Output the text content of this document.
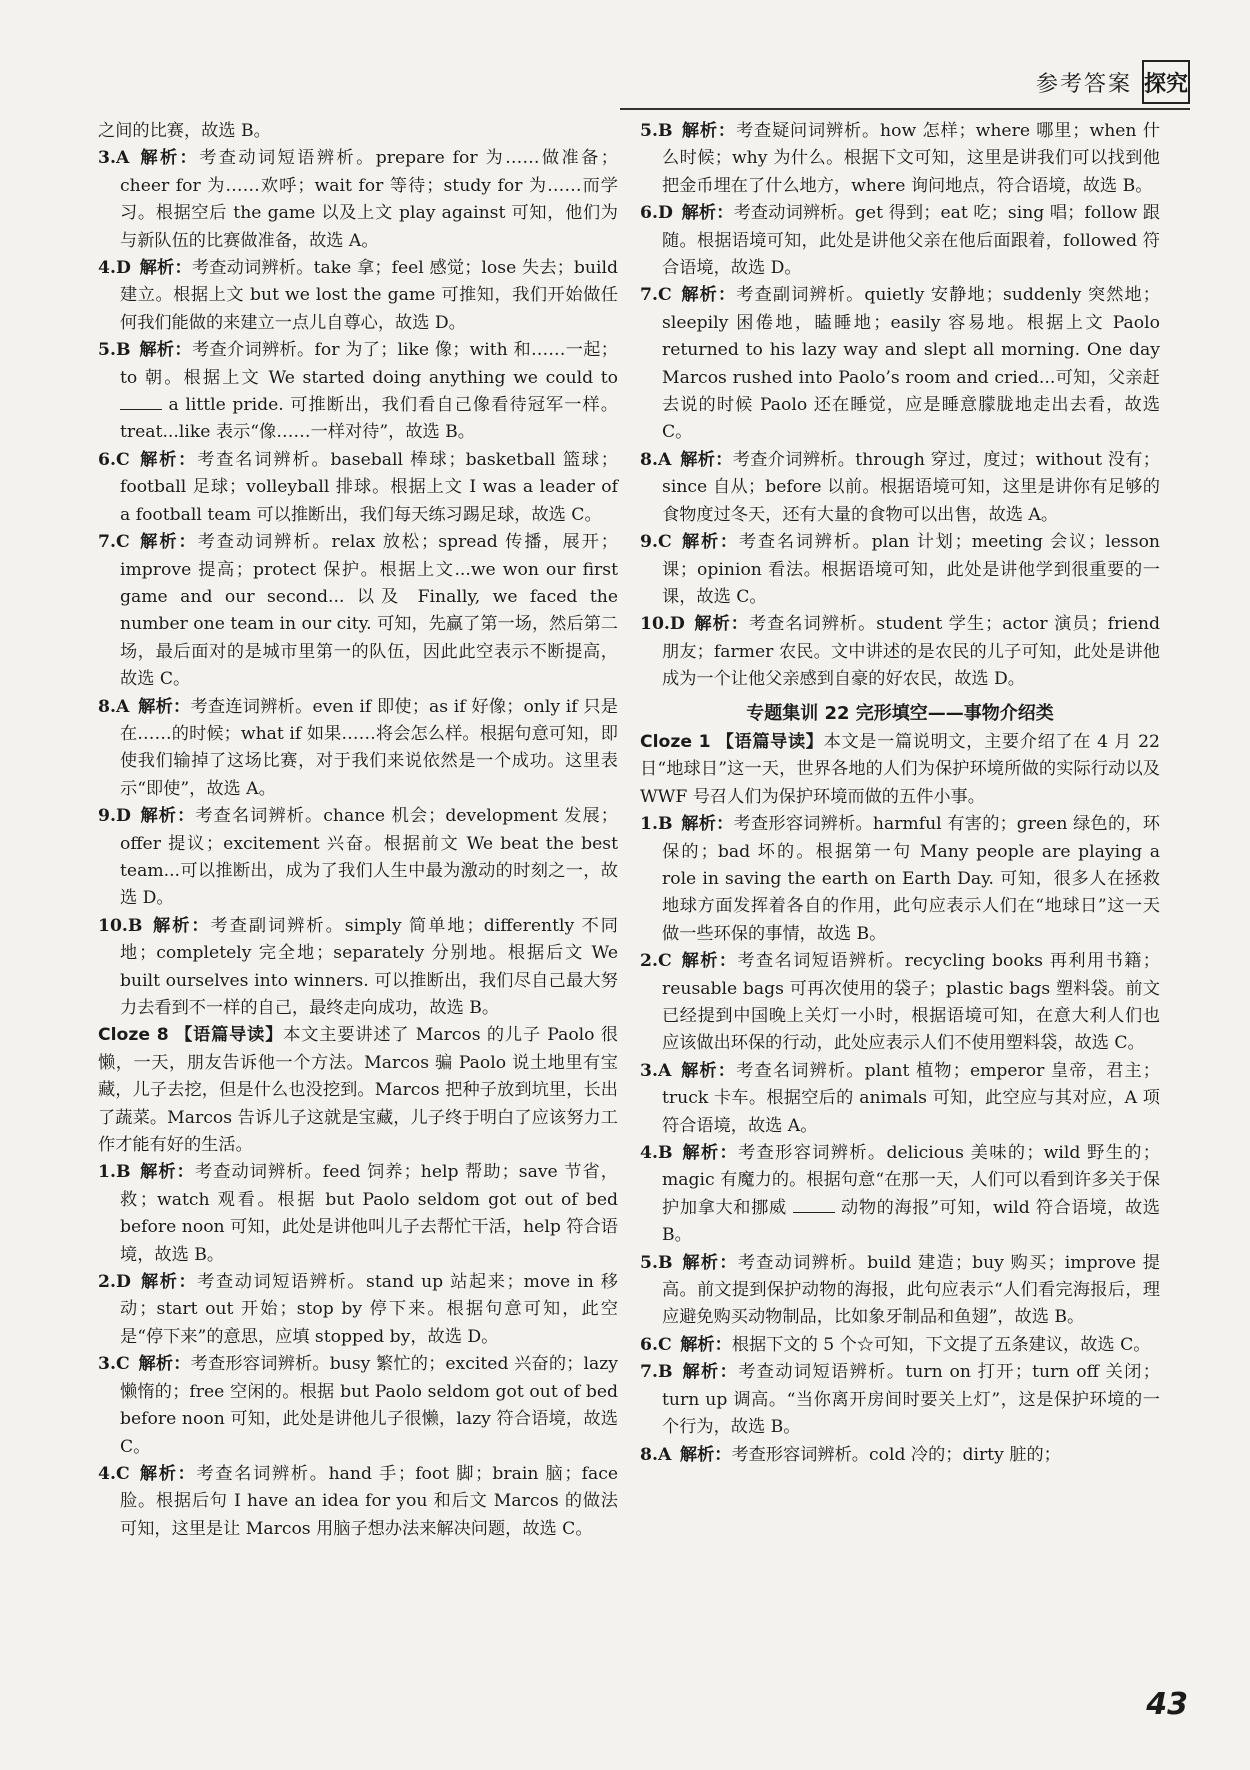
参考答案 探究

之间的比赛，故选 B。

3.A  解析：考查动词短语辨析。prepare for 为……做准备；cheer for 为……欢呼；wait for 等待；study for 为……而学习。根据空后 the game 以及上文 play against 可知，他们为与新队伍的比赛做准备，故选 A。

4.D  解析：考查动词辨析。take 拿；feel 感觉；lose 失去；build 建立。根据上文 but we lost the game 可推知，我们开始做任何我们能做的来建立一点儿自尊心，故选 D。

5.B  解析：考查介词辨析。for 为了；like 像；with 和……一起；to 朝。根据上文 We started doing anything we could to  a little pride. 可推断出，我们看自己像看待冠军一样。treat...like 表示“像……一样对待”，故选 B。

6.C  解析：考查名词辨析。baseball 棒球；basketball 篮球；football 足球；volleyball 排球。根据上文 I was a leader of a football team 可以推断出，我们每天练习踢足球，故选 C。

7.C  解析：考查动词辨析。relax 放松；spread 传播，展开；improve 提高；protect 保护。根据上文...we won our first game and our second... 以及 Finally, we faced the number one team in our city. 可知，先赢了第一场，然后第二场，最后面对的是城市里第一的队伍，因此此空表示不断提高，故选 C。

8.A  解析：考查连词辨析。even if 即使；as if 好像；only if 只是在……的时候；what if 如果……将会怎么样。根据句意可知，即使我们输掉了这场比赛，对于我们来说依然是一个成功。这里表示“即使”，故选 A。

9.D  解析：考查名词辨析。chance 机会；development 发展；offer 提议；excitement 兴奋。根据前文 We beat the best team...可以推断出，成为了我们人生中最为激动的时刻之一，故选 D。

10.B  解析：考查副词辨析。simply 简单地；differently 不同地；completely 完全地；separately 分别地。根据后文 We built ourselves into winners. 可以推断出，我们尽自己最大努力去看到不一样的自己，最终走向成功，故选 B。

Cloze 8 【语篇导读】本文主要讲述了 Marcos 的儿子 Paolo 很懒，一天，朋友告诉他一个方法。Marcos 骗 Paolo 说土地里有宝藏，儿子去挖，但是什么也没挖到。Marcos 把种子放到坑里，长出了蔬菜。Marcos 告诉儿子这就是宝藏，儿子终于明白了应该努力工作才能有好的生活。

1.B  解析：考查动词辨析。feed 饲养；help 帮助；save 节省，救；watch 观看。根据 but Paolo seldom got out of bed before noon 可知，此处是讲他叫儿子去帮忙干活，help 符合语境，故选 B。

2.D  解析：考查动词短语辨析。stand up 站起来；move in 移动；start out 开始；stop by 停下来。根据句意可知，此空是“停下来”的意思，应填 stopped by，故选 D。

3.C  解析：考查形容词辨析。busy 繁忙的；excited 兴奋的；lazy 懒惰的；free 空闲的。根据 but Paolo seldom got out of bed before noon 可知，此处是讲他儿子很懒，lazy 符合语境，故选 C。

4.C  解析：考查名词辨析。hand 手；foot 脚；brain 脑；face 脸。根据后句 I have an idea for you 和后文 Marcos 的做法可知，这里是让 Marcos 用脑子想办法来解决问题，故选 C。

5.B  解析：考查疑问词辨析。how 怎样；where 哪里；when 什么时候；why 为什么。根据下文可知，这里是讲我们可以找到他把金币埋在了什么地方，where 询问地点，符合语境，故选 B。

6.D  解析：考查动词辨析。get 得到；eat 吃；sing 唱；follow 跟随。根据语境可知，此处是讲他父亲在他后面跟着，followed 符合语境，故选 D。

7.C  解析：考查副词辨析。quietly 安静地；suddenly 突然地；sleepily 困倦地，瞌睡地；easily 容易地。根据上文 Paolo returned to his lazy way and slept all morning. One day Marcos rushed into Paolo’s room and cried...可知，父亲赶去说的时候 Paolo 还在睡觉，应是睡意朦胧地走出去看，故选 C。

8.A  解析：考查介词辨析。through 穿过，度过；without 没有；since 自从；before 以前。根据语境可知，这里是讲你有足够的食物度过冬天，还有大量的食物可以出售，故选 A。

9.C  解析：考查名词辨析。plan 计划；meeting 会议；lesson 课；opinion 看法。根据语境可知，此处是讲他学到很重要的一课，故选 C。

10.D  解析：考查名词辨析。student 学生；actor 演员；friend 朋友；farmer 农民。文中讲述的是农民的儿子可知，此处是讲他成为一个让他父亲感到自豪的好农民，故选 D。

专题集训 22 完形填空——事物介绍类

Cloze 1 【语篇导读】本文是一篇说明文，主要介绍了在 4 月 22 日“地球日”这一天，世界各地的人们为保护环境所做的实际行动以及 WWF 号召人们为保护环境而做的五件小事。

1.B  解析：考查形容词辨析。harmful 有害的；green 绿色的，环保的；bad 坏的。根据第一句 Many people are playing a role in saving the earth on Earth Day. 可知，很多人在拯救地球方面发挥着各自的作用，此句应表示人们在“地球日”这一天做一些环保的事情，故选 B。

2.C  解析：考查名词短语辨析。recycling books 再利用书籍；reusable bags 可再次使用的袋子；plastic bags 塑料袋。前文已经提到中国晚上关灯一小时，根据语境可知，在意大利人们也应该做出环保的行动，此处应表示人们不使用塑料袋，故选 C。

3.A  解析：考查名词辨析。plant 植物；emperor 皇帝，君主；truck 卡车。根据空后的 animals 可知，此空应与其对应，A 项符合语境，故选 A。

4.B  解析：考查形容词辨析。delicious 美味的；wild 野生的；magic 有魔力的。根据句意“在那一天，人们可以看到许多关于保护加拿大和挪威	动物的海报”可知，wild 符合语境，故选 B。

5.B  解析：考查动词辨析。build 建造；buy 购买；improve 提高。前文提到保护动物的海报，此句应表示“人们看完海报后，理应避免购买动物制品，比如象牙制品和鱼翅”，故选 B。

6.C  解析：根据下文的 5 个☆可知，下文提了五条建议，故选 C。

7.B  解析：考查动词短语辨析。turn on 打开；turn off 关闭；turn up 调高。“当你离开房间时要关上灯”，这是保护环境的一个行为，故选 B。

8.A  解析：考查形容词辨析。cold 冷的；dirty 脏的；

43
